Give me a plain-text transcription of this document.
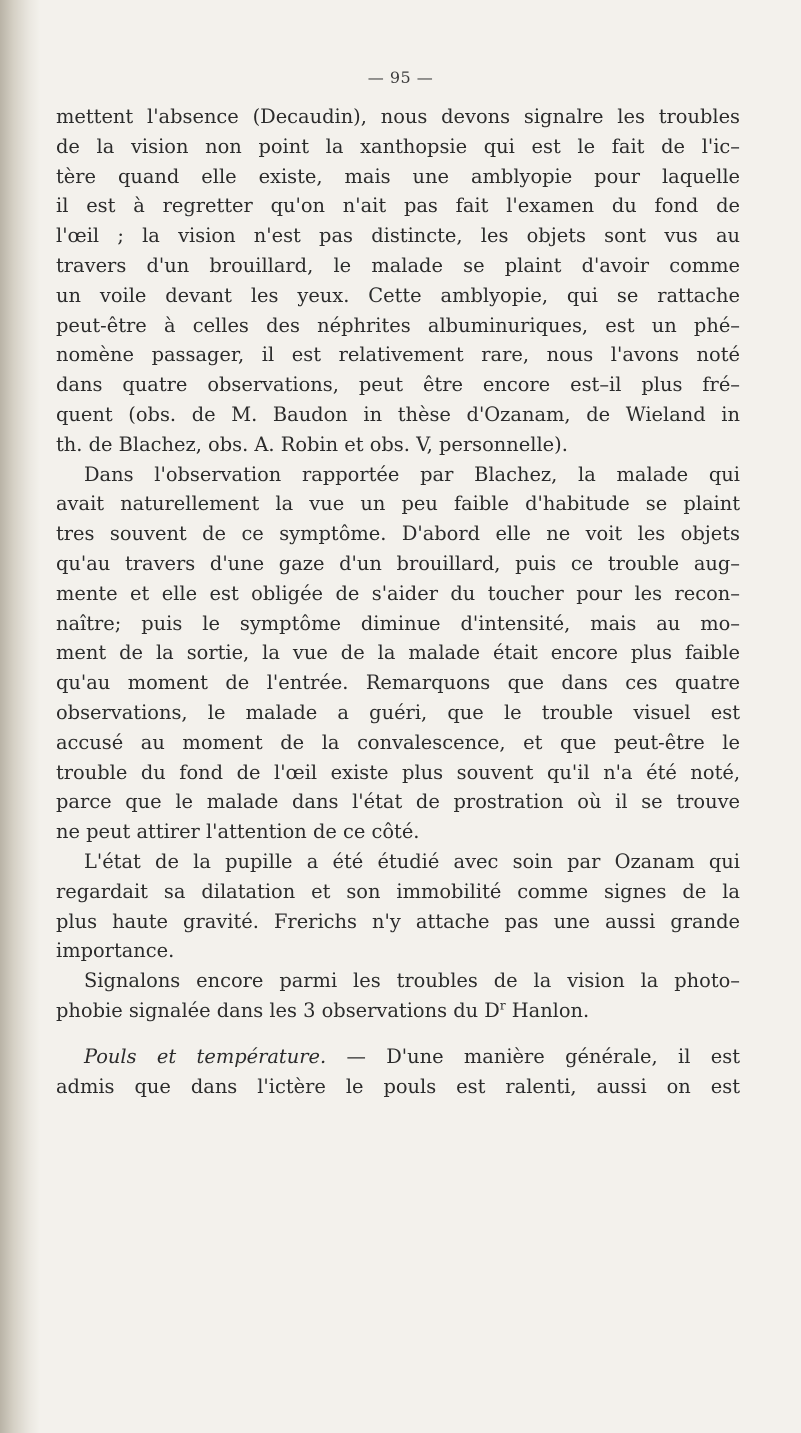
— 95 —
mettent l'absence (Decaudin), nous devons signalre les troubles
de la vision non point la xanthopsie qui est le fait de l'ic–
tère quand elle existe, mais une amblyopie pour laquelle
il est à regretter qu'on n'ait pas fait l'examen du fond de
l'œil ; la vision n'est pas distincte, les objets sont vus au
travers d'un brouillard, le malade se plaint d'avoir comme
un voile devant les yeux. Cette amblyopie, qui se rattache
peut-être à celles des néphrites albuminuriques, est un phé–
nomène passager, il est relativement rare, nous l'avons noté
dans quatre observations, peut être encore est–il plus fré–
quent (obs. de M. Baudon in thèse d'Ozanam, de Wieland in
th. de Blachez, obs. A. Robin et obs. V, personnelle).
Dans l'observation rapportée par Blachez, la malade qui
avait naturellement la vue un peu faible d'habitude se plaint
tres souvent de ce symptôme. D'abord elle ne voit les objets
qu'au travers d'une gaze d'un brouillard, puis ce trouble aug–
mente et elle est obligée de s'aider du toucher pour les recon–
naître; puis le symptôme diminue d'intensité, mais au mo–
ment de la sortie, la vue de la malade était encore plus faible
qu'au moment de l'entrée. Remarquons que dans ces quatre
observations, le malade a guéri, que le trouble visuel est
accusé au moment de la convalescence, et que peut-être le
trouble du fond de l'œil existe plus souvent qu'il n'a été noté,
parce que le malade dans l'état de prostration où il se trouve
ne peut attirer l'attention de ce côté.
L'état de la pupille a été étudié avec soin par Ozanam qui
regardait sa dilatation et son immobilité comme signes de la
plus haute gravité. Frerichs n'y attache pas une aussi grande
importance.
Signalons encore parmi les troubles de la vision la photo–
phobie signalée dans les 3 observations du $D^r$ Hanlon.
Pouls et température. — D'une manière générale, il est
admis que dans l'ictère le pouls est ralenti, aussi on est
